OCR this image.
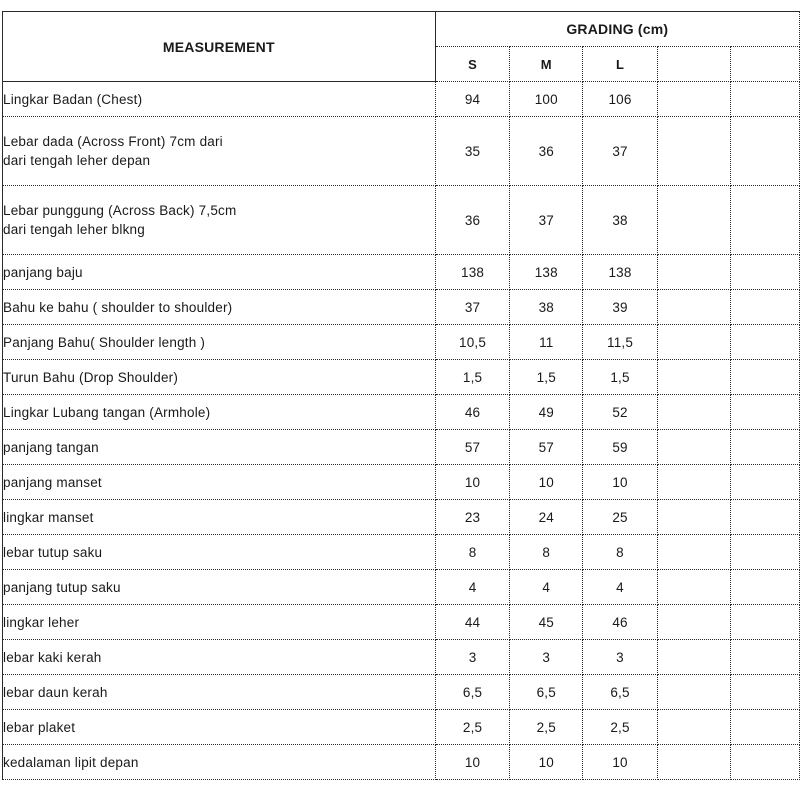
MEASUREMENT	GRADING (cm)				
	S	M	L		
Lingkar Badan (Chest)	94	100	106		
Lebar dada (Across Front) 7cm dari
dari tengah leher depan	35	36	37		
Lebar punggung (Across Back) 7,5cm
dari tengah leher blkng	36	37	38		
panjang baju	138	138	138		
Bahu ke bahu ( shoulder to shoulder)	37	38	39		
Panjang Bahu( Shoulder length )	10,5	11	11,5		
Turun Bahu (Drop Shoulder)	1,5	1,5	1,5		
Lingkar Lubang tangan (Armhole)	46	49	52		
panjang tangan	57	57	59		
panjang manset	10	10	10		
lingkar manset	23	24	25		
lebar tutup saku	8	8	8		
panjang tutup saku	4	4	4		
lingkar leher	44	45	46		
lebar kaki kerah	3	3	3		
lebar daun kerah	6,5	6,5	6,5		
lebar plaket	2,5	2,5	2,5		
kedalaman lipit depan	10	10	10		
